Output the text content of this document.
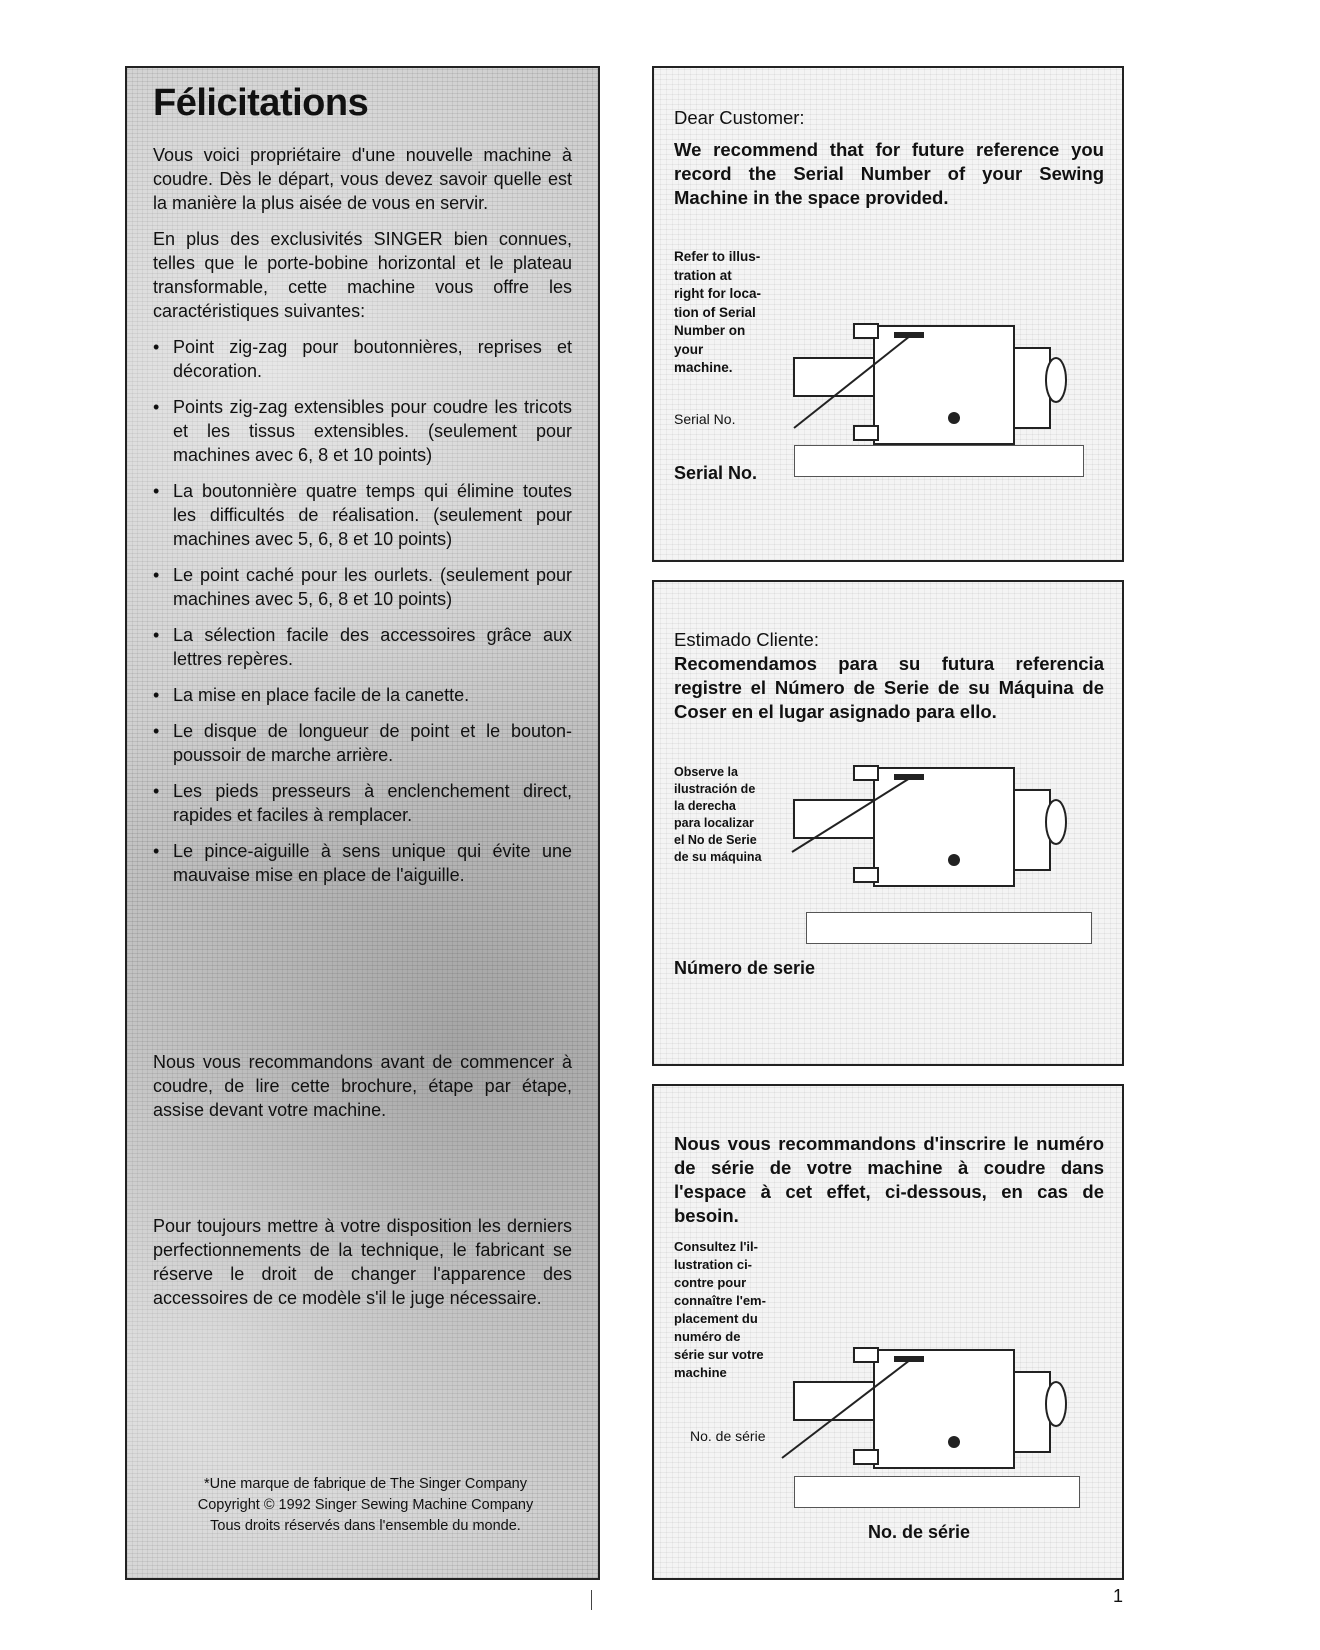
Félicitations

Vous voici propriétaire d'une nouvelle machine à coudre. Dès le départ, vous devez savoir quelle est la manière la plus aisée de vous en servir.

En plus des exclusivités SINGER bien connues, telles que le porte-bobine horizontal et le plateau transformable, cette machine vous offre les caractéristiques suivantes:

• Point zig-zag pour boutonnières, reprises et décoration.
• Points zig-zag extensibles pour coudre les tricots et les tissus extensibles. (seulement pour machines avec 6, 8 et 10 points)
• La boutonnière quatre temps qui élimine toutes les difficultés de réalisation. (seulement pour machines avec 5, 6, 8 et 10 points)
• Le point caché pour les ourlets. (seulement pour machines avec 5, 6, 8 et 10 points)
• La sélection facile des accessoires grâce aux lettres repères.
• La mise en place facile de la canette.
• Le disque de longueur de point et le bouton-poussoir de marche arrière.
• Les pieds presseurs à enclenchement direct, rapides et faciles à remplacer.
• Le pince-aiguille à sens unique qui évite une mauvaise mise en place de l'aiguille.

Nous vous recommandons avant de commencer à coudre, de lire cette brochure, étape par étape, assise devant votre machine.

Pour toujours mettre à votre disposition les derniers perfectionnements de la technique, le fabricant se réserve le droit de changer l'apparence des accessoires de ce modèle s'il le juge nécessaire.

*Une marque de fabrique de The Singer Company
Copyright © 1992 Singer Sewing Machine Company
Tous droits réservés dans l'ensemble du monde.
Dear Customer:
We recommend that for future reference you record the Serial Number of your Sewing Machine in the space provided.
Refer to illus-
tration at
right for loca-
tion of Serial
Number on
your
machine.
Serial No.
Serial No.
Estimado Cliente:
Recomendamos para su futura referencia registre el Número de Serie de su Máquina de Coser en el lugar asignado para ello.
Observe la
ilustración de
la derecha
para localizar
el No de Serie
de su máquina
Número de serie
Nous vous recommandons d'inscrire le numéro de série de votre machine à coudre dans l'espace à cet effet, ci-dessous, en cas de besoin.
Consultez l'il-
lustration ci-
contre pour
connaître l'em-
placement du
numéro de
série sur votre
machine
No. de série
No. de série
1
